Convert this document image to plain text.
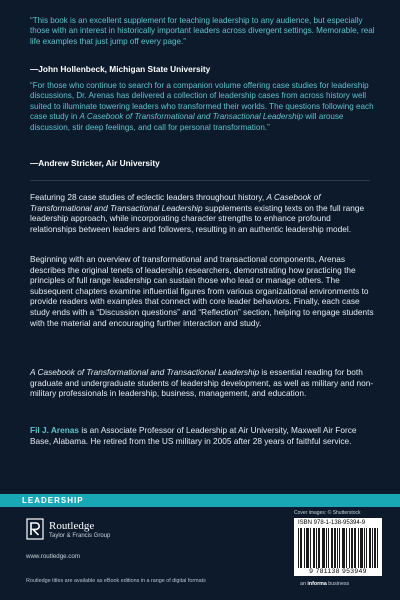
“This book is an excellent supplement for teaching leadership to any audience, but especially those with an interest in historically important leaders across divergent settings. Memorable, real life examples that just jump off every page.”

—John Hollenbeck, Michigan State University

“For those who continue to search for a companion volume offering case studies for leadership discussions, Dr. Arenas has delivered a collection of leadership cases from across history well suited to illuminate towering leaders who transformed their worlds. The questions following each case study in A Casebook of Transformational and Transactional Leadership will arouse discussion, stir deep feelings, and call for personal transformation.”

—Andrew Stricker, Air University

Featuring 28 case studies of eclectic leaders throughout history, A Casebook of Transformational and Transactional Leadership supplements existing texts on the full range leadership approach, while incorporating character strengths to enhance profound relationships between leaders and followers, resulting in an authentic leadership model.

Beginning with an overview of transformational and transactional components, Arenas describes the original tenets of leadership researchers, demonstrating how practicing the principles of full range leadership can sustain those who lead or manage others. The subsequent chapters examine influential figures from various organizational environments to provide readers with examples that connect with core leader behaviors. Finally, each case study ends with a “Discussion questions” and “Reflection” section, helping to engage students with the material and encouraging further interaction and study.

A Casebook of Transformational and Transactional Leadership is essential reading for both graduate and undergraduate students of leadership development, as well as military and non-military professionals in leadership, business, management, and education.

Fil J. Arenas is an Associate Professor of Leadership at Air University, Maxwell Air Force Base, Alabama. He retired from the US military in 2005 after 28 years of faithful service.

LEADERSHIP
Routledge
Taylor & Francis Group
www.routledge.com
Routledge titles are available as eBook editions in a range of digital formats
Cover images: © Shutterstock
ISBN 978-1-138-95394-9
9 781138 953949
an informa business
